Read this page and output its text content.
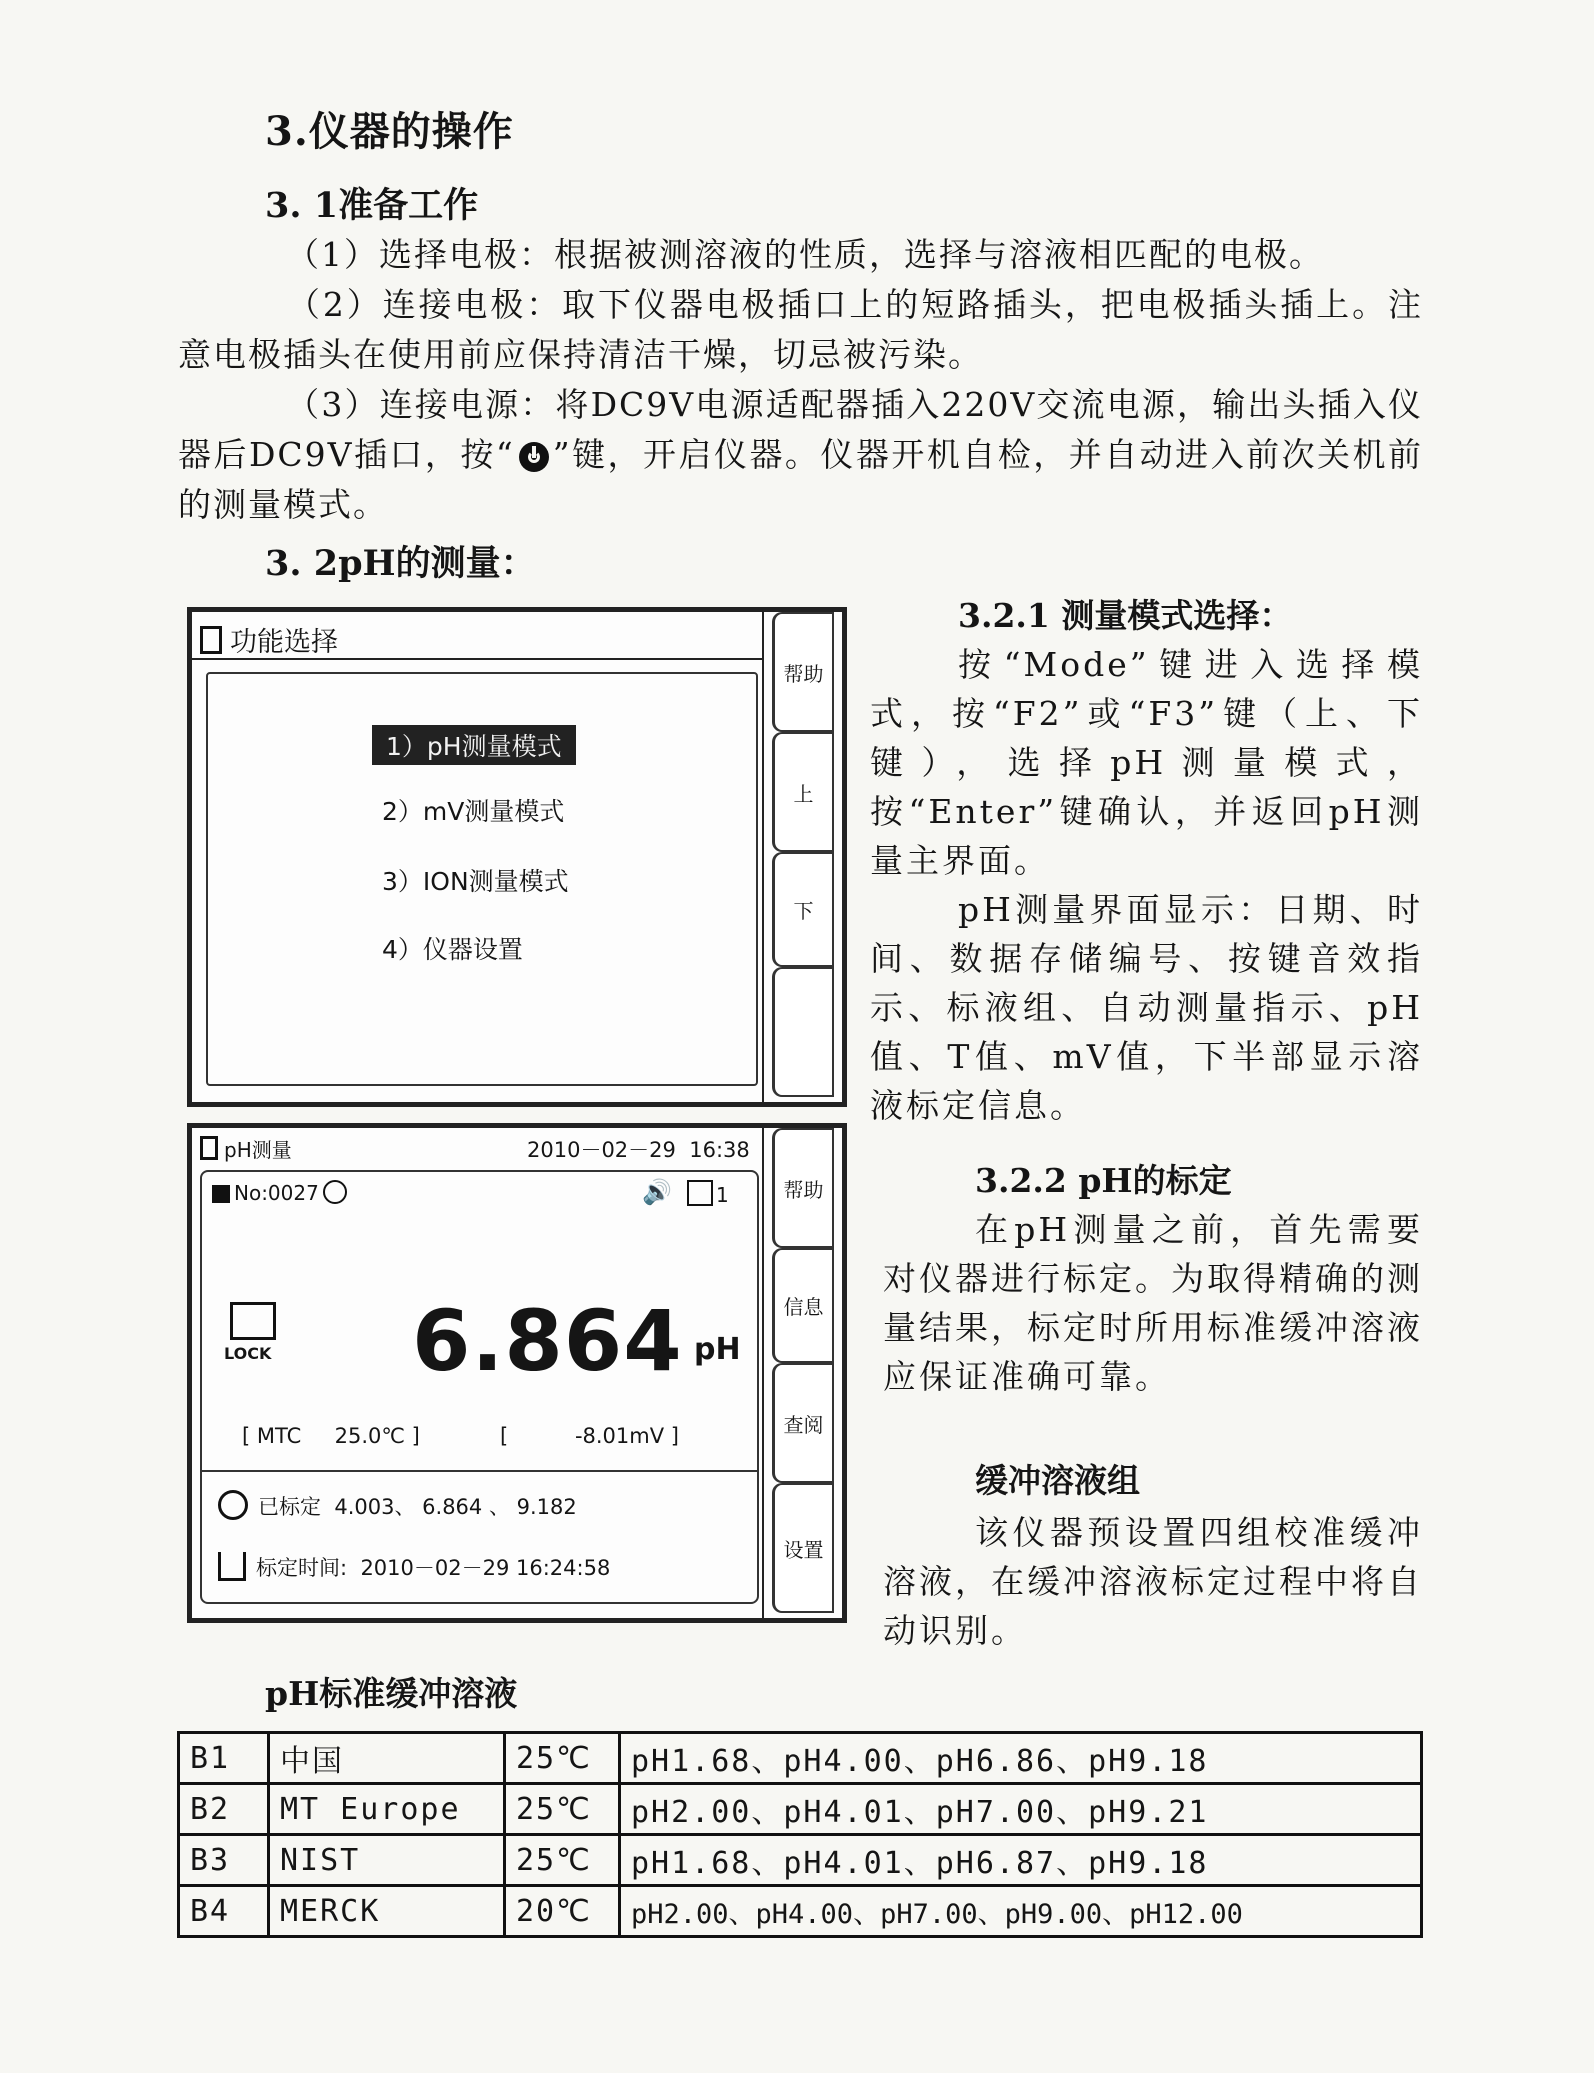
3.仪器的操作
3. 1准备工作
（1）选择电极：根据被测溶液的性质，选择与溶液相匹配的电极。
（2）连接电极：取下仪器电极插口上的短路插头，把电极插头插上。注意电极插头在使用前应保持清洁干燥，切忌被污染。
（3）连接电源：将DC9V电源适配器插入220V交流电源，输出头插入仪器后DC9V插口，按“ ”键，开启仪器。仪器开机自检，并自动进入前次关机前的测量模式。
3. 2pH的测量：
功能选择
1）pH测量模式
2）mV测量模式
3）ION测量模式
4）仪器设置
帮助
上
下
pH测量	2010－02－29 16:38
No:0027	🔊	1
LOCK 6.864 pH
[ MTC     25.0℃ ]	[          -8.01mV ]
已标定 4.003、 6.864 、 9.182
标定时间: 2010－02－29 16:24:58
帮助
信息
查阅
设置
3.2.1 测量模式选择：
按“Mode”键进入选择模式，按“F2”或“F3”键（上、下键），选择pH测量模式，按“Enter”键确认，并返回pH测量主界面。
pH测量界面显示：日期、时间、数据存储编号、按键音效指示、标液组、自动测量指示、pH值、T值、mV值，下半部显示溶液标定信息。
3.2.2 pH的标定
在pH测量之前，首先需要对仪器进行标定。为取得精确的测量结果，标定时所用标准缓冲溶液应保证准确可靠。
缓冲溶液组
该仪器预设置四组校准缓冲溶液，在缓冲溶液标定过程中将自动识别。
pH标准缓冲溶液
B1	中国	25℃	pH1.68、pH4.00、pH6.86、pH9.18
B2	MT Europe	25℃	pH2.00、pH4.01、pH7.00、pH9.21
B3	NIST	25℃	pH1.68、pH4.01、pH6.87、pH9.18
B4	MERCK	20℃	pH2.00、pH4.00、pH7.00、pH9.00、pH12.00
